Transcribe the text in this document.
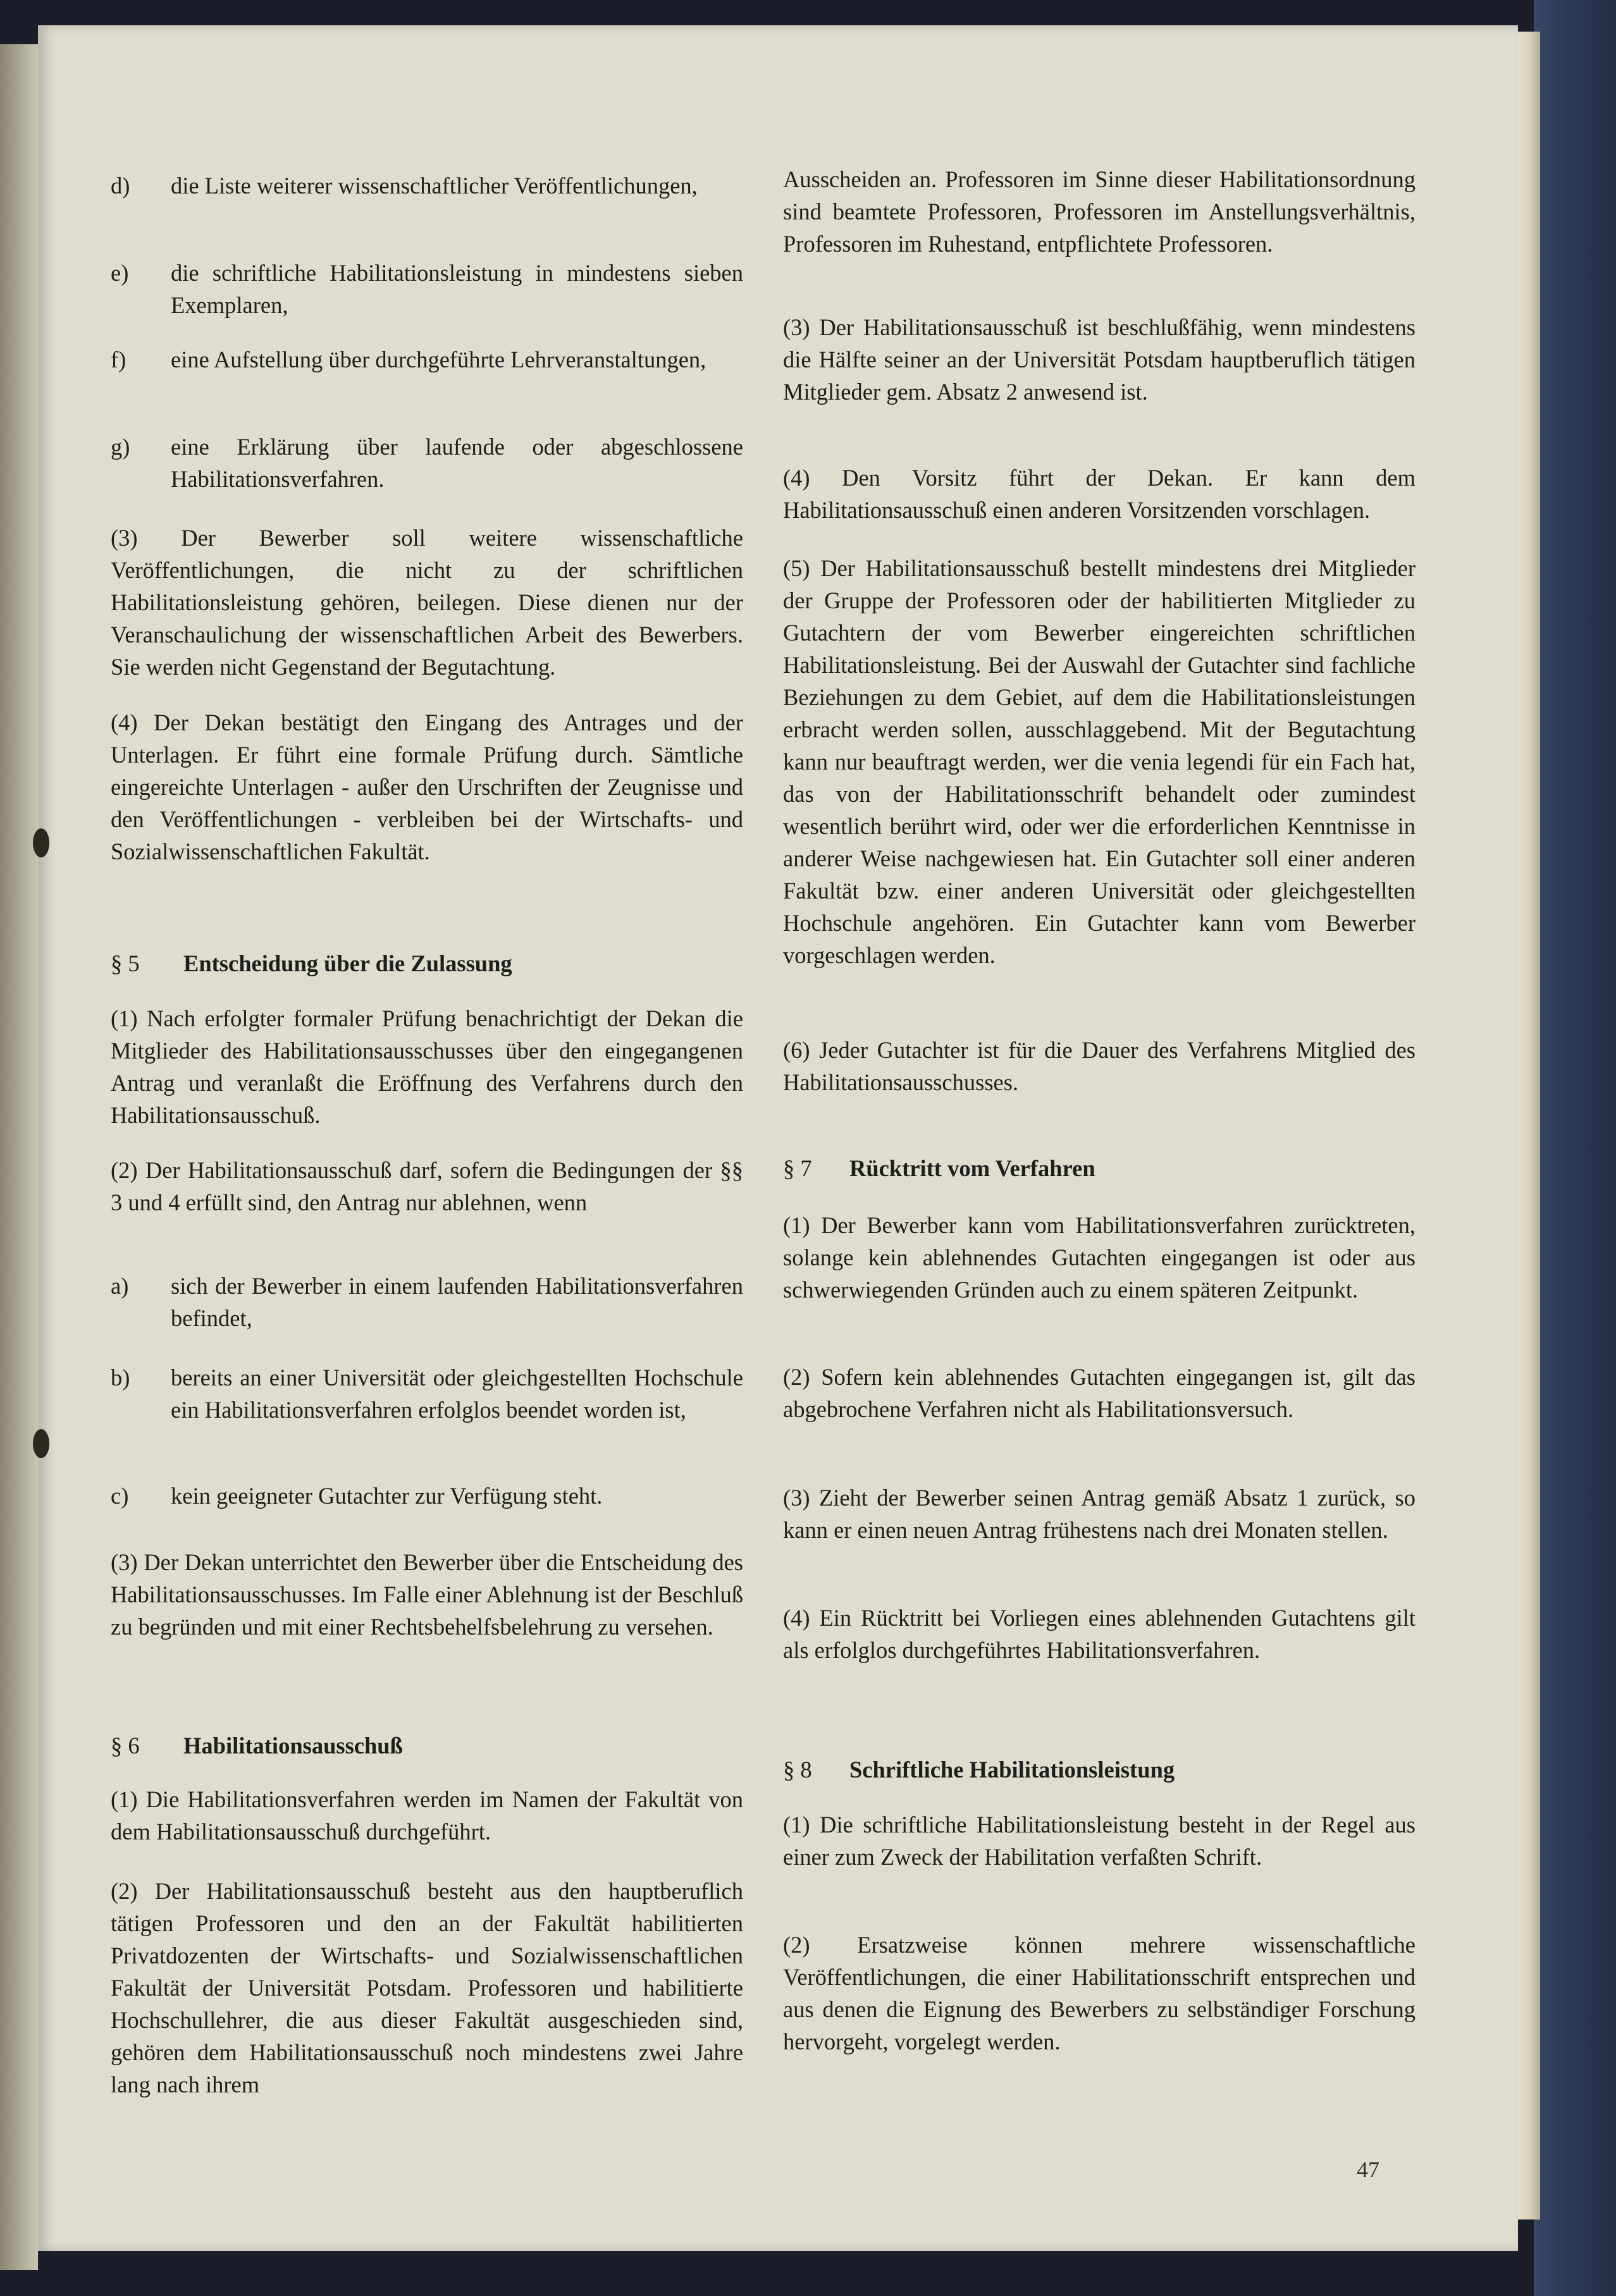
d)	die Liste weiterer wissenschaftlicher Veröffentlichungen,

e)	die schriftliche Habilitationsleistung in mindestens sieben Exemplaren,

f)	eine Aufstellung über durchgeführte Lehrveranstaltungen,

g)	eine Erklärung über laufende oder abgeschlossene Habilitationsverfahren.

(3) Der Bewerber soll weitere wissenschaftliche Veröffentlichungen, die nicht zu der schriftlichen Habilitationsleistung gehören, beilegen. Diese dienen nur der Veranschaulichung der wissenschaftlichen Arbeit des Bewerbers. Sie werden nicht Gegenstand der Begutachtung.

(4) Der Dekan bestätigt den Eingang des Antrages und der Unterlagen. Er führt eine formale Prüfung durch. Sämtliche eingereichte Unterlagen - außer den Urschriften der Zeugnisse und den Veröffentlichungen - verbleiben bei der Wirtschafts- und Sozialwissenschaftlichen Fakultät.

§ 5 Entscheidung über die Zulassung

(1) Nach erfolgter formaler Prüfung benachrichtigt der Dekan die Mitglieder des Habilitationsausschusses über den eingegangenen Antrag und veranlaßt die Eröffnung des Verfahrens durch den Habilitationsausschuß.

(2) Der Habilitationsausschuß darf, sofern die Bedingungen der §§ 3 und 4 erfüllt sind, den Antrag nur ablehnen, wenn

a)	sich der Bewerber in einem laufenden Habilitationsverfahren befindet,

b)	bereits an einer Universität oder gleichgestellten Hochschule ein Habilitationsverfahren erfolglos beendet worden ist,

c)	kein geeigneter Gutachter zur Verfügung steht.

(3) Der Dekan unterrichtet den Bewerber über die Entscheidung des Habilitationsausschusses. Im Falle einer Ablehnung ist der Beschluß zu begründen und mit einer Rechtsbehelfsbelehrung zu versehen.

§ 6 Habilitationsausschuß

(1) Die Habilitationsverfahren werden im Namen der Fakultät von dem Habilitationsausschuß durchgeführt.

(2) Der Habilitationsausschuß besteht aus den hauptberuflich tätigen Professoren und den an der Fakultät habilitierten Privatdozenten der Wirtschafts- und Sozialwissenschaftlichen Fakultät der Universität Potsdam. Professoren und habilitierte Hochschullehrer, die aus dieser Fakultät ausgeschieden sind, gehören dem Habilitationsausschuß noch mindestens zwei Jahre lang nach ihrem

Ausscheiden an. Professoren im Sinne dieser Habilitationsordnung sind beamtete Professoren, Professoren im Anstellungsverhältnis, Professoren im Ruhestand, entpflichtete Professoren.

(3) Der Habilitationsausschuß ist beschlußfähig, wenn mindestens die Hälfte seiner an der Universität Potsdam hauptberuflich tätigen Mitglieder gem. Absatz 2 anwesend ist.

(4) Den Vorsitz führt der Dekan. Er kann dem Habilitationsausschuß einen anderen Vorsitzenden vorschlagen.

(5) Der Habilitationsausschuß bestellt mindestens drei Mitglieder der Gruppe der Professoren oder der habilitierten Mitglieder zu Gutachtern der vom Bewerber eingereichten schriftlichen Habilitationsleistung. Bei der Auswahl der Gutachter sind fachliche Beziehungen zu dem Gebiet, auf dem die Habilitationsleistungen erbracht werden sollen, ausschlaggebend. Mit der Begutachtung kann nur beauftragt werden, wer die venia legendi für ein Fach hat, das von der Habilitationsschrift behandelt oder zumindest wesentlich berührt wird, oder wer die erforderlichen Kenntnisse in anderer Weise nachgewiesen hat. Ein Gutachter soll einer anderen Fakultät bzw. einer anderen Universität oder gleichgestellten Hochschule angehören. Ein Gutachter kann vom Bewerber vorgeschlagen werden.

(6) Jeder Gutachter ist für die Dauer des Verfahrens Mitglied des Habilitationsausschusses.

§ 7 Rücktritt vom Verfahren

(1) Der Bewerber kann vom Habilitationsverfahren zurücktreten, solange kein ablehnendes Gutachten eingegangen ist oder aus schwerwiegenden Gründen auch zu einem späteren Zeitpunkt.

(2) Sofern kein ablehnendes Gutachten eingegangen ist, gilt das abgebrochene Verfahren nicht als Habilitationsversuch.

(3) Zieht der Bewerber seinen Antrag gemäß Absatz 1 zurück, so kann er einen neuen Antrag frühestens nach drei Monaten stellen.

(4) Ein Rücktritt bei Vorliegen eines ablehnenden Gutachtens gilt als erfolglos durchgeführtes Habilitationsverfahren.

§ 8 Schriftliche Habilitationsleistung

(1) Die schriftliche Habilitationsleistung besteht in der Regel aus einer zum Zweck der Habilitation verfaßten Schrift.

(2) Ersatzweise können mehrere wissenschaftliche Veröffentlichungen, die einer Habilitationsschrift entsprechen und aus denen die Eignung des Bewerbers zu selbständiger Forschung hervorgeht, vorgelegt werden.

47
